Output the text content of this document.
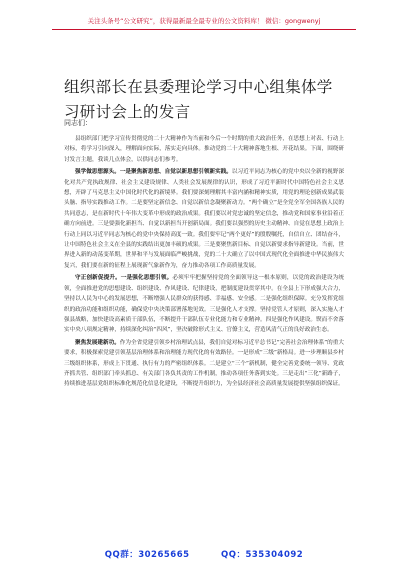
关注头条号“公文研究”，获得最新最全最专业的公文资料库！ 微信：gongwenyj
组织部长在县委理论学习中心组集体学习研讨会上的发言
同志们：

县组织部门把学习宣传贯彻党的二十大精神作为当前和今后一个时期的重大政治任务，在思想上对表、行动上对标，将学习引向深入，理解面向实际，落实走向具体。推动党的二十大精神落地生根、开花结果。下面，围绕研讨发言主题，我谈几点体会，以供同志们参考。

强学做思想源头。一是聚焦新思想、自觉以新思想引领新实践。以习近平同志为核心的党中央以全新的视野深化对共产党执政规律、社会主义建设规律、人类社会发展规律的认识，形成了习近平新时代中国特色社会主义思想，开辟了马克思主义中国化时代化的新境界。我们要深刻理解其丰富内涵和精神实质，用党的理论创新成果武装头脑、指导实践推动工作。二是要坚定新信念、自觉以新信念凝聚新动力。“两个确立”是全党全军全国各族人民的共同意志，是在新时代十年伟大变革中形成的政治成果。我们要以对党忠诚的坚定信念，推动党和国家事业沿着正确方向前进。三是要强化新担当、自觉以新担当开创新局面。我们要以强烈的历史主动精神、自觉在思想上政治上行动上同以习近平同志为核心的党中央保持高度一致。我们要牢记“两个更好”的殷殷嘱托，自信自立、团结奋斗，让中国特色社会主义在全县的实践结出更加丰硕的成果。三是要聚焦新目标、自觉以新要求指导新建设。当前，世界进入新的动荡变革期，世界和平与发展面临严峻挑战，党的二十大确立了以中国式现代化全面推进中华民族伟大复兴，我们要在新的征程上展现新气象新作为，奋力推动各项工作高质量发展。

守正创新促提升。一是强化思想引领。必须牢牢把握坚持党的全面领导这一根本原则，以党的政治建设为统领，全面推进党的思想建设、组织建设、作风建设、纪律建设，把制度建设贯穿其中。在全县上下形成强大合力，坚持以人民为中心的发展思想，不断增强人民群众的获得感、幸福感、安全感。二是强化组织保障。充分发挥党组织的政治功能和组织功能，确保党中央决策部署落地见效。三是强化人才支撑。坚持党管人才原则，深入实施人才强县战略，加快建设高素质干部队伍，不断提升干部队伍专业化能力和专业精神。四是强化作风建设。锲而不舍落实中央八项规定精神，持续深化纠治“四风”，坚决破除形式主义、官僚主义，营造风清气正的良好政治生态。

聚焦发展建新功。作为全省党建引领乡村治理试点县，我们自觉对标习近平总书记“完善社会治理体系”的重大要求，积极探索党建引领基层治理体系和治理能力现代化的有效路径。一是形成“三级”新格局。进一步理顺县乡村三级组织体系，形成上下贯通、执行有力的严密组织体系。二是建立“三个”新机制，健全完善党委统一领导、党政齐抓共管、组织部门牵头抓总、有关部门各负其责的工作机制，推动各项任务落到实处。三是走出“三化”新路子，持续推进基层党组织标准化规范化信息化建设，不断提升组织力，为全县经济社会高质量发展提供坚强组织保证。

QQ群：30265665	QQ：535304092
